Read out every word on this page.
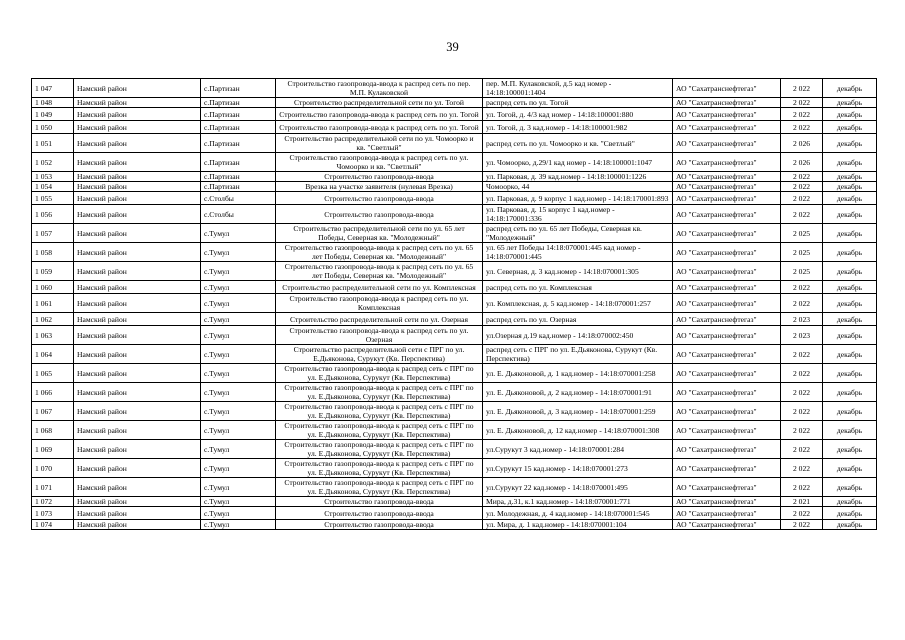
39
1 047	Намский район	с.Партизан	Строительство газопровода-ввода к распред сеть по пер. М.П. Кулаковской	пер. М.П. Кулаковской, д.5 кад номер - 14:18:100001:1404	АО "Сахатранснефтегаз"	2 022	декабрь
1 048	Намский район	с.Партизан	Строительство распределительной сети по ул. Тогой	распред сеть по ул. Тогой	АО "Сахатранснефтегаз"	2 022	декабрь
1 049	Намский район	с.Партизан	Строительство газопровода-ввода к распред сеть по ул. Тогой	ул. Тогой, д. 4/3 кад номер - 14:18:100001:880	АО "Сахатранснефтегаз"	2 022	декабрь
1 050	Намский район	с.Партизан	Строительство газопровода-ввода к распред сеть по ул. Тогой	ул. Тогой, д. 3 кад.номер - 14:18:100001:982	АО "Сахатранснефтегаз"	2 022	декабрь
1 051	Намский район	с.Партизан	Строительство распределительной сети по ул. Чомоорко и кв. "Светлый"	распред сеть по ул. Чомоорко и кв. "Светлый"	АО "Сахатранснефтегаз"	2 026	декабрь
1 052	Намский район	с.Партизан	Строительство газопровода-ввода к распред сеть по ул. Чомоорко и кв. "Светлый"	ул. Чомоорко, д.29/1 кад номер - 14:18:100001:1047	АО "Сахатранснефтегаз"	2 026	декабрь
1 053	Намский район	с.Партизан	Строительство газопровода-ввода	ул. Парковая, д. 39 кад.номер - 14:18:100001:1226	АО "Сахатранснефтегаз"	2 022	декабрь
1 054	Намский район	с.Партизан	Врезка на участке заявителя (нулевая Врезка)	Чомоорко, 44	АО "Сахатранснефтегаз"	2 022	декабрь
1 055	Намский район	с.Столбы	Строительство газопровода-ввода	ул. Парковая, д. 9 корпус 1 кад.номер - 14:18:170001:893	АО "Сахатранснефтегаз"	2 022	декабрь
1 056	Намский район	с.Столбы	Строительство газопровода-ввода	ул. Парковая, д. 15 корпус 1 кад.номер - 14:18:170001:336	АО "Сахатранснефтегаз"	2 022	декабрь
1 057	Намский район	с.Тумул	Строительство распределительной сети по ул. 65 лет Победы, Северная кв. "Молодежный"	распред сеть по ул. 65 лет Победы, Северная кв. "Молодежный"	АО "Сахатранснефтегаз"	2 025	декабрь
1 058	Намский район	с.Тумул	Строительство газопровода-ввода к распред сеть по ул. 65 лет Победы, Северная кв. "Молодежный"	ул. 65 лет Победы 14:18:070001:445 кад номер - 14:18:070001:445	АО "Сахатранснефтегаз"	2 025	декабрь
1 059	Намский район	с.Тумул	Строительство газопровода-ввода к распред сеть по ул. 65 лет Победы, Северная кв. "Молодежный"	ул. Северная, д. 3 кад.номер - 14:18:070001:305	АО "Сахатранснефтегаз"	2 025	декабрь
1 060	Намский район	с.Тумул	Строительство распределительной сети по ул. Комплексная	распред сеть по ул. Комплексная	АО "Сахатранснефтегаз"	2 022	декабрь
1 061	Намский район	с.Тумул	Строительство газопровода-ввода к распред сеть по ул. Комплексная	ул. Комплексная, д. 5 кад.номер - 14:18:070001:257	АО "Сахатранснефтегаз"	2 022	декабрь
1 062	Намский район	с.Тумул	Строительство распределительной сети по ул. Озерная	распред сеть по ул. Озерная	АО "Сахатранснефтегаз"	2 023	декабрь
1 063	Намский район	с.Тумул	Строительство газопровода-ввода к распред сеть по ул. Озерная	ул.Озерная д.19 кад.номер - 14:18:070002:450	АО "Сахатранснефтегаз"	2 023	декабрь
1 064	Намский район	с.Тумул	Строительство распределительной сети с ПРГ по ул. Е.Дьяконова, Сурукут (Кв. Перспектива)	распред сеть с ПРГ по ул. Е.Дьяконова, Сурукут (Кв. Перспектива)	АО "Сахатранснефтегаз"	2 022	декабрь
1 065	Намский район	с.Тумул	Строительство газопровода-ввода к распред сеть с ПРГ по ул. Е.Дьяконова, Сурукут (Кв. Перспектива)	ул. Е. Дьяконовой, д. 1 кад.номер - 14:18:070001:258	АО "Сахатранснефтегаз"	2 022	декабрь
1 066	Намский район	с.Тумул	Строительство газопровода-ввода к распред сеть с ПРГ по ул. Е.Дьяконова, Сурукут (Кв. Перспектива)	ул. Е. Дьяконовой, д. 2 кад.номер - 14:18:070001:91	АО "Сахатранснефтегаз"	2 022	декабрь
1 067	Намский район	с.Тумул	Строительство газопровода-ввода к распред сеть с ПРГ по ул. Е.Дьяконова, Сурукут (Кв. Перспектива)	ул. Е. Дьяконовой, д. 3 кад.номер - 14:18:070001:259	АО "Сахатранснефтегаз"	2 022	декабрь
1 068	Намский район	с.Тумул	Строительство газопровода-ввода к распред сеть с ПРГ по ул. Е.Дьяконова, Сурукут (Кв. Перспектива)	ул. Е. Дьяконовой, д. 12 кад.номер - 14:18:070001:308	АО "Сахатранснефтегаз"	2 022	декабрь
1 069	Намский район	с.Тумул	Строительство газопровода-ввода к распред сеть с ПРГ по ул. Е.Дьяконова, Сурукут (Кв. Перспектива)	ул.Сурукут 3 кад.номер - 14:18:070001:284	АО "Сахатранснефтегаз"	2 022	декабрь
1 070	Намский район	с.Тумул	Строительство газопровода-ввода к распред сеть с ПРГ по ул. Е.Дьяконова, Сурукут (Кв. Перспектива)	ул.Сурукут 15 кад.номер - 14:18:070001:273	АО "Сахатранснефтегаз"	2 022	декабрь
1 071	Намский район	с.Тумул	Строительство газопровода-ввода к распред сеть с ПРГ по ул. Е.Дьяконова, Сурукут (Кв. Перспектива)	ул.Сурукут 22 кад.номер - 14:18:070001:495	АО "Сахатранснефтегаз"	2 022	декабрь
1 072	Намский район	с.Тумул	Строительство газопровода-ввода	Мира, д.31, к.1 кад.номер - 14:18:070001:771	АО "Сахатранснефтегаз"	2 021	декабрь
1 073	Намский район	с.Тумул	Строительство газопровода-ввода	ул. Молодежная, д. 4 кад.номер - 14:18:070001:545	АО "Сахатранснефтегаз"	2 022	декабрь
1 074	Намский район	с.Тумул	Строительство газопровода-ввода	ул. Мира, д. 1 кад.номер - 14:18:070001:104	АО "Сахатранснефтегаз"	2 022	декабрь
